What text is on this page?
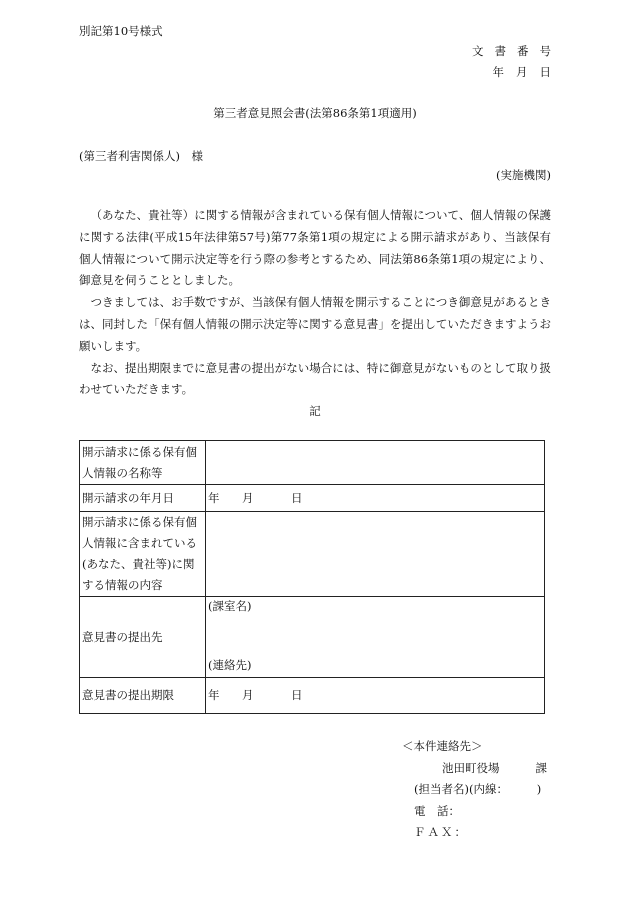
別記第10号様式
文書番号
年月日
第三者意見照会書(法第86条第1項適用)
(第三者利害関係人)　様
(実施機関)

（あなた、貴社等）に関する情報が含まれている保有個人情報について、個人情報の保護に関する法律(平成15年法律第57号)第77条第1項の規定による開示請求があり、当該保有個人情報について開示決定等を行う際の参考とするため、同法第86条第1項の規定により、御意見を伺うこととしました。

つきましては、お手数ですが、当該保有個人情報を開示することにつき御意見があるときは、同封した「保有個人情報の開示決定等に関する意見書」を提出していただきますようお願いします。

なお、提出期限までに意見書の提出がない場合には、特に御意見がないものとして取り扱わせていただきます。

記
開示請求に係る保有個人情報の名称等	
開示請求の年月日	年 月 日
開示請求に係る保有個人情報に含まれている(あなた、貴社等)に関する情報の内容	
意見書の提出先	(課室名)
(連絡先)

意見書の提出期限	年 月 日
＜本件連絡先＞
池田町役場	課
(担当者名)(内線：　　　)
電　話：
ＦＡＸ：
